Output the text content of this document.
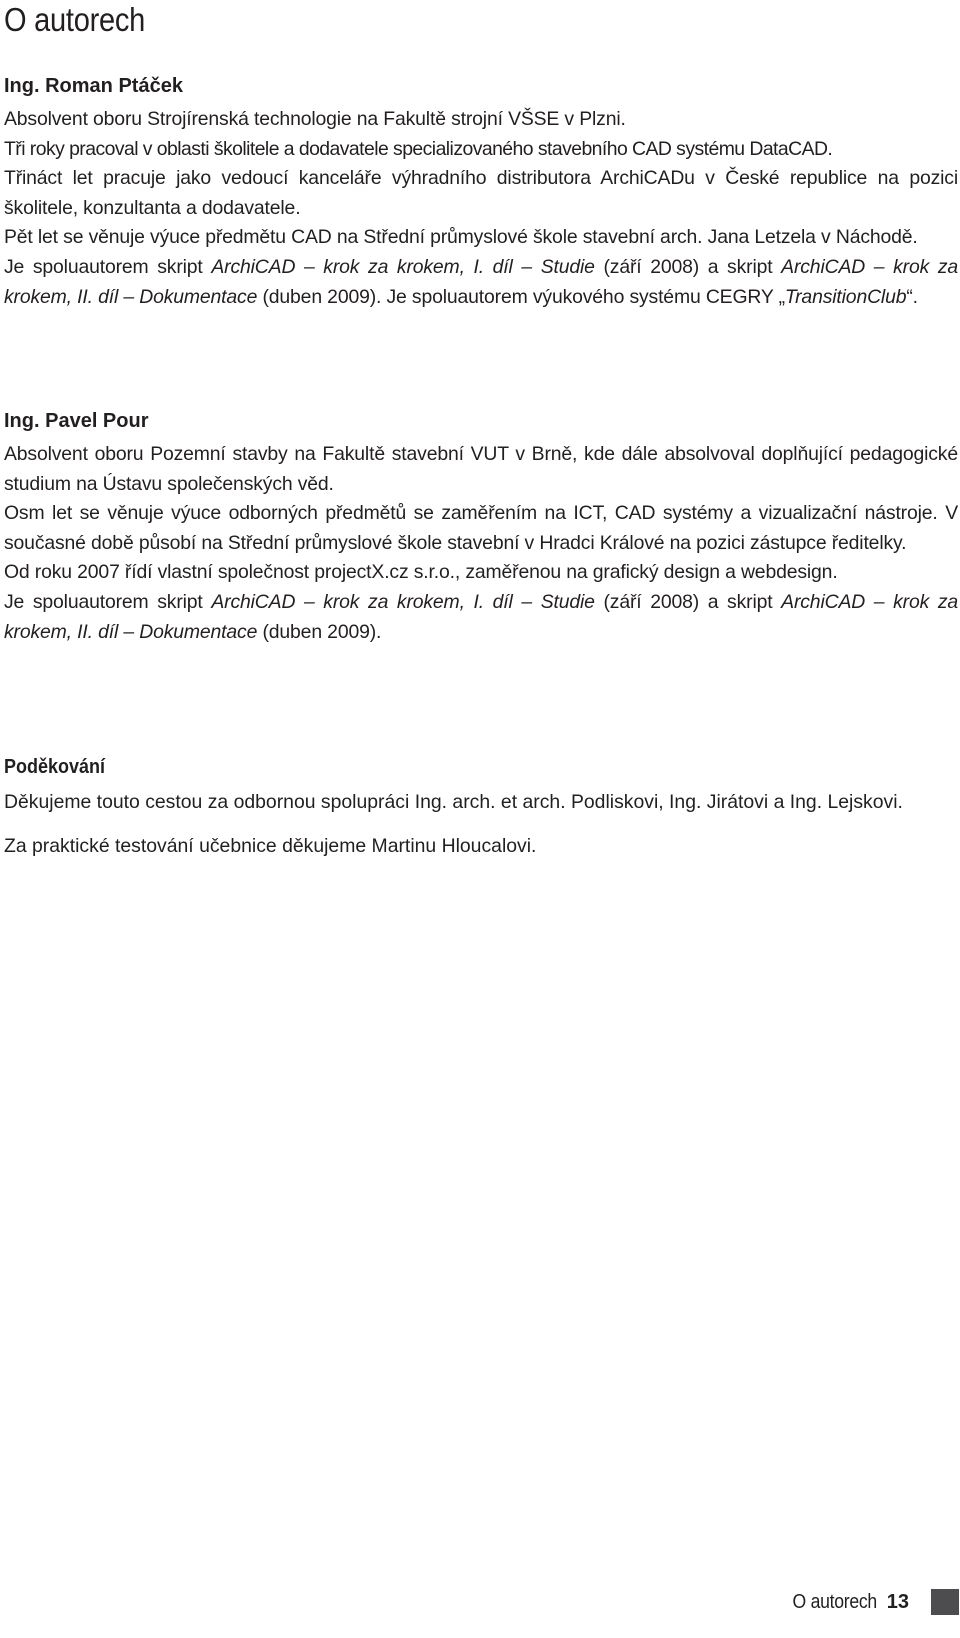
O autorech
Ing. Roman Ptáček

Absolvent oboru Strojírenská technologie na Fakultě strojní VŠSE v Plzni.

Tři roky pracoval v oblasti školitele a dodavatele specializovaného stavebního CAD systému DataCAD.

Třináct let pracuje jako vedoucí kanceláře výhradního distributora ArchiCADu v České republice na pozici školitele, konzultanta a dodavatele.

Pět let se věnuje výuce předmětu CAD na Střední průmyslové škole stavební arch. Jana Letzela v Náchodě.

Je spoluautorem skript ArchiCAD – krok za krokem, I. díl – Studie (září 2008) a skript ArchiCAD – krok za krokem, II. díl – Dokumentace (duben 2009). Je spoluautorem výukového systému CEGRY „TransitionClub“.

Ing. Pavel Pour

Absolvent oboru Pozemní stavby na Fakultě stavební VUT v Brně, kde dále absolvoval doplňující pedagogické studium na Ústavu společenských věd.

Osm let se věnuje výuce odborných předmětů se zaměřením na ICT, CAD systémy a vizualizační nástroje. V současné době působí na Střední průmyslové škole stavební v Hradci Králové na pozici zástupce ředitelky.

Od roku 2007 řídí vlastní společnost projectX.cz s.r.o., zaměřenou na grafický design a webdesign.

Je spoluautorem skript ArchiCAD – krok za krokem, I. díl – Studie (září 2008) a skript ArchiCAD – krok za krokem, II. díl – Dokumentace (duben 2009).

Poděkování

Děkujeme touto cestou za odbornou spolupráci Ing. arch. et arch. Podliskovi, Ing. Jirátovi a Ing. Lejskovi.

Za praktické testování učebnice děkujeme Martinu Hloucalovi.

O autorech 13
